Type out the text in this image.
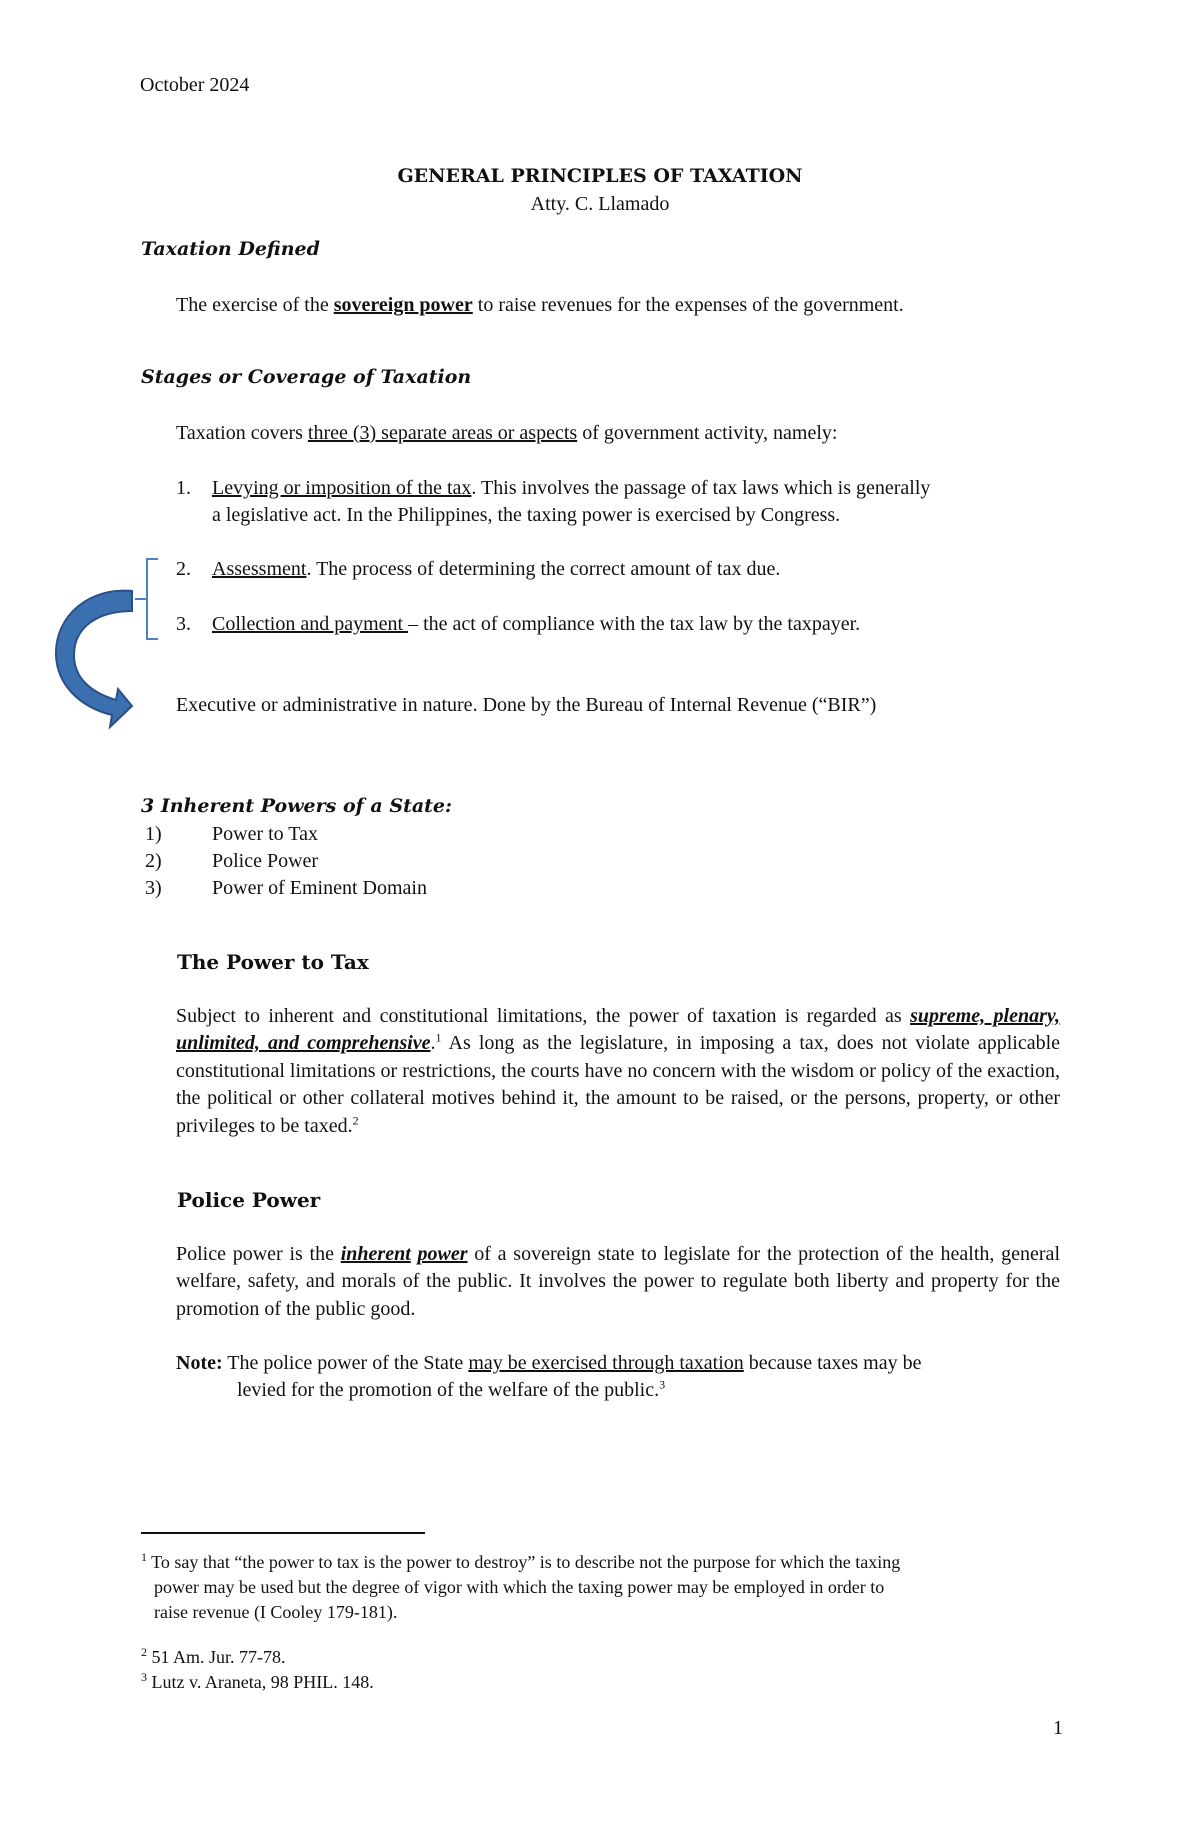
October 2024
GENERAL PRINCIPLES OF TAXATION
Atty. C. Llamado
Taxation Defined
The exercise of the sovereign power to raise revenues for the expenses of the government.
Stages or Coverage of Taxation
Taxation covers three (3) separate areas or aspects of government activity, namely:
1. Levying or imposition of the tax. This involves the passage of tax laws which is generally
a legislative act. In the Philippines, the taxing power is exercised by Congress.
2. Assessment. The process of determining the correct amount of tax due.
3. Collection and payment – the act of compliance with the tax law by the taxpayer.
Executive or administrative in nature. Done by the Bureau of Internal Revenue (“BIR”)
3 Inherent Powers of a State:
1)	Power to Tax
2)	Police Power
3)	Power of Eminent Domain
The Power to Tax
Subject to inherent and constitutional limitations, the power of taxation is regarded as supreme, plenary, unlimited, and comprehensive.$^1$ As long as the legislature, in imposing a tax, does not violate applicable constitutional limitations or restrictions, the courts have no concern with the wisdom or policy of the exaction, the political or other collateral motives behind it, the amount to be raised, or the persons, property, or other privileges to be taxed.$^2$
Police Power
Police power is the inherent power of a sovereign state to legislate for the protection of the health, general welfare, safety, and morals of the public. It involves the power to regulate both liberty and property for the promotion of the public good.
Note: The police power of the State may be exercised through taxation because taxes may be
levied for the promotion of the welfare of the public.$^3$
$^1$ To say that “the power to tax is the power to destroy” is to describe not the purpose for which the taxing
power may be used but the degree of vigor with which the taxing power may be employed in order to
raise revenue (I Cooley 179-181).
$^2$ 51 Am. Jur. 77-78.
$^3$ Lutz v. Araneta, 98 PHIL. 148.
1
